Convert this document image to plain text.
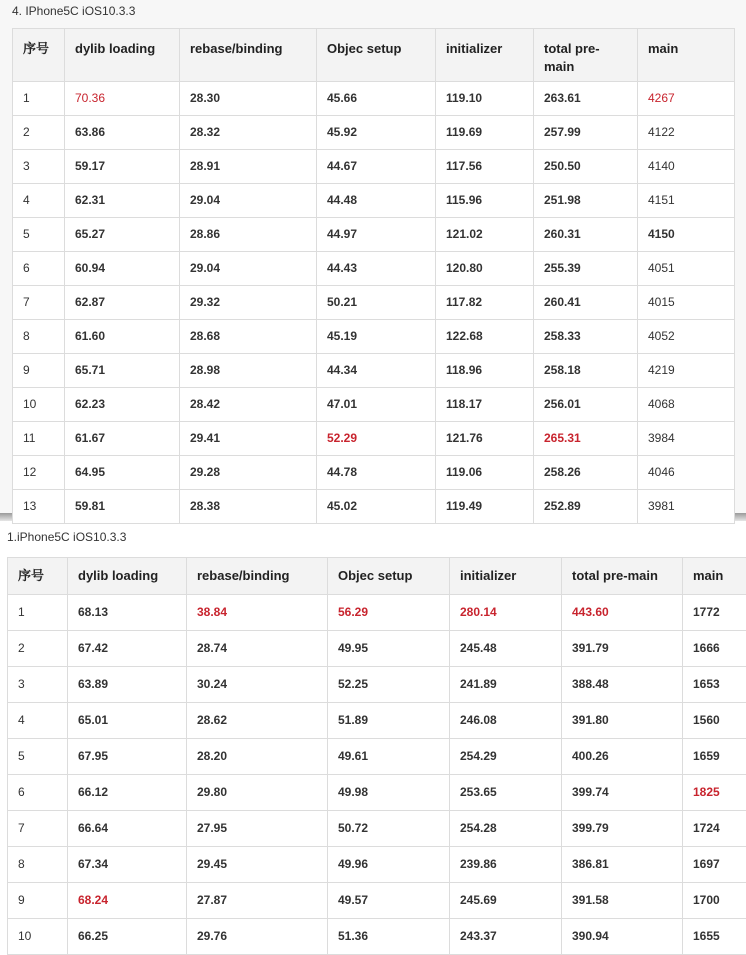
4. IPhone5C iOS10.3.3
序号	dylib loading	rebase/binding	Objec setup	initializer	total pre-main	main
1	70.36	28.30	45.66	119.10	263.61	4267
2	63.86	28.32	45.92	119.69	257.99	4122
3	59.17	28.91	44.67	117.56	250.50	4140
4	62.31	29.04	44.48	115.96	251.98	4151
5	65.27	28.86	44.97	121.02	260.31	4150
6	60.94	29.04	44.43	120.80	255.39	4051
7	62.87	29.32	50.21	117.82	260.41	4015
8	61.60	28.68	45.19	122.68	258.33	4052
9	65.71	28.98	44.34	118.96	258.18	4219
10	62.23	28.42	47.01	118.17	256.01	4068
11	61.67	29.41	52.29	121.76	265.31	3984
12	64.95	29.28	44.78	119.06	258.26	4046
13	59.81	28.38	45.02	119.49	252.89	3981
1.iPhone5C iOS10.3.3
序号	dylib loading	rebase/binding	Objec setup	initializer	total pre-main	main
1	68.13	38.84	56.29	280.14	443.60	1772
2	67.42	28.74	49.95	245.48	391.79	1666
3	63.89	30.24	52.25	241.89	388.48	1653
4	65.01	28.62	51.89	246.08	391.80	1560
5	67.95	28.20	49.61	254.29	400.26	1659
6	66.12	29.80	49.98	253.65	399.74	1825
7	66.64	27.95	50.72	254.28	399.79	1724
8	67.34	29.45	49.96	239.86	386.81	1697
9	68.24	27.87	49.57	245.69	391.58	1700
10	66.25	29.76	51.36	243.37	390.94	1655
